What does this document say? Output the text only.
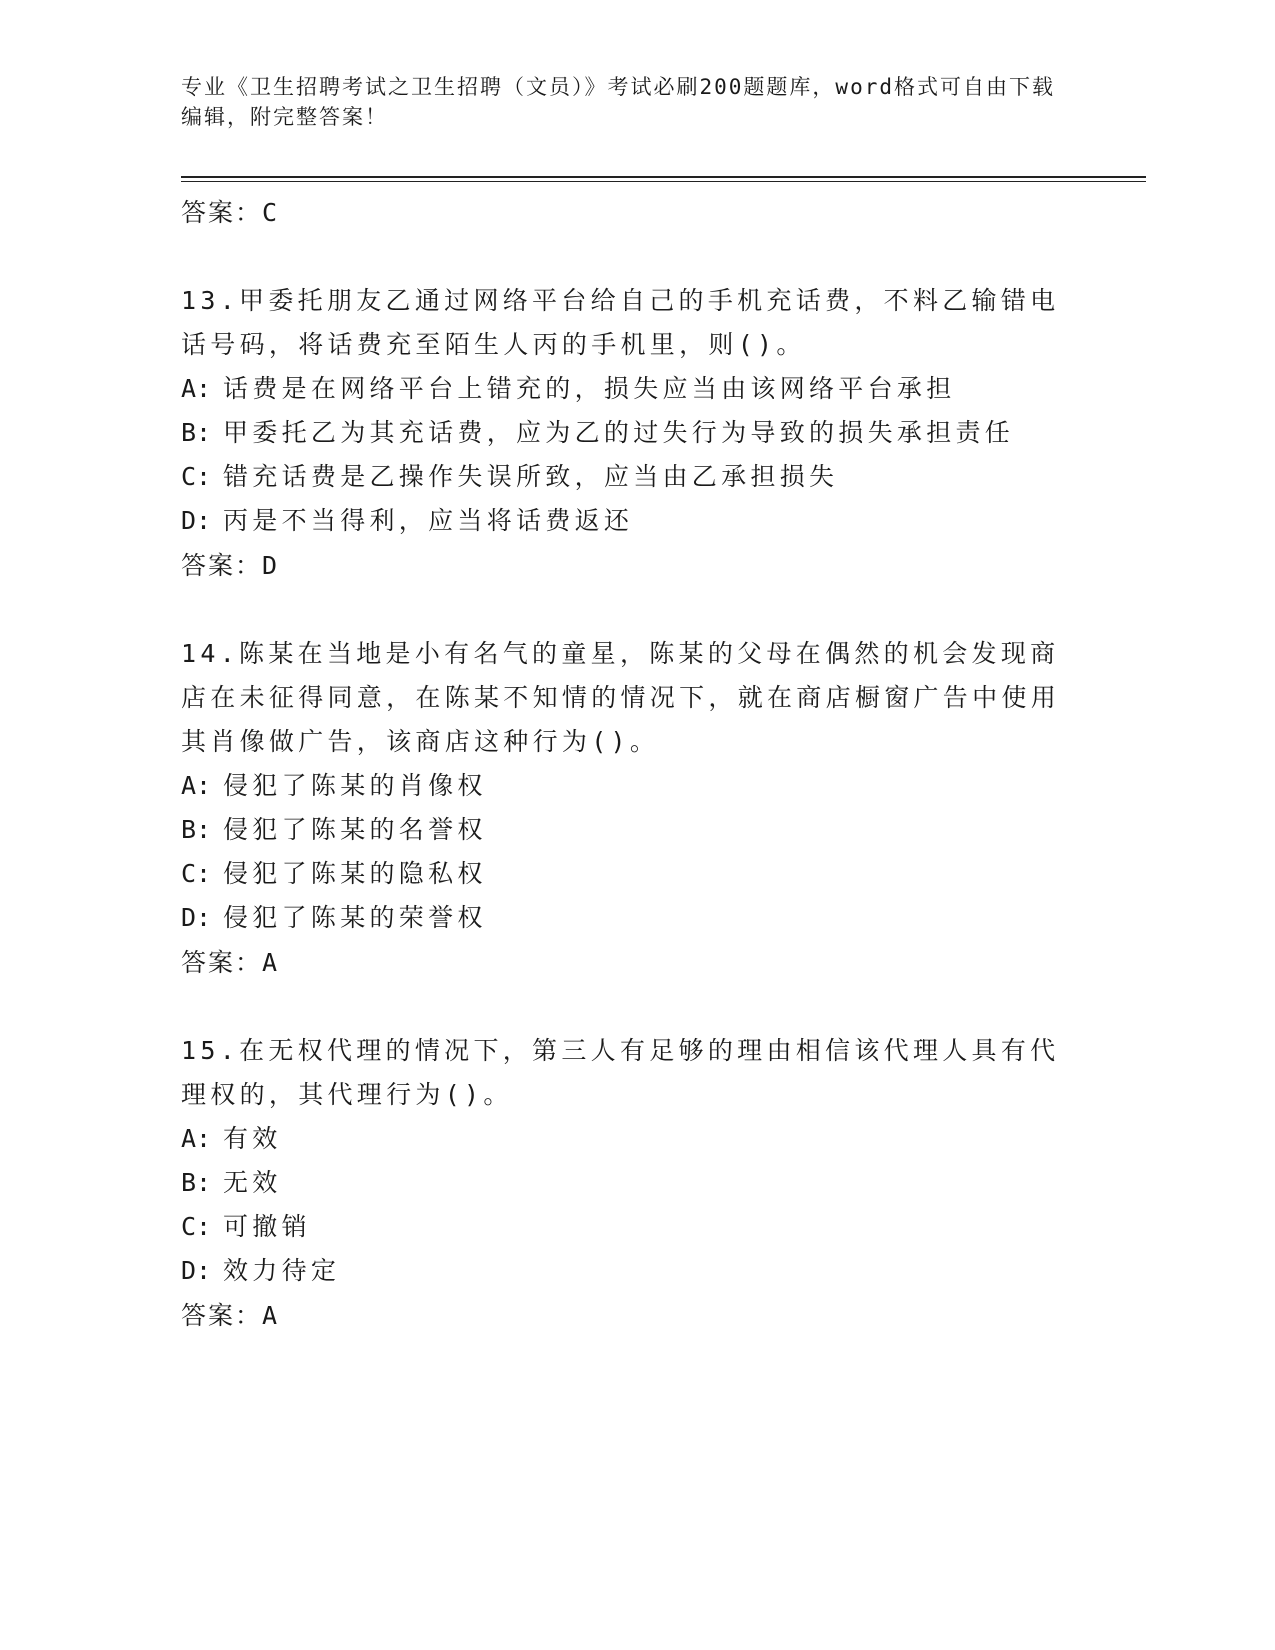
专业《卫生招聘考试之卫生招聘（文员）》考试必刷200题题库，word格式可自由下载编辑，附完整答案！
答案：C

13.甲委托朋友乙通过网络平台给自己的手机充话费，不料乙输错电话号码，将话费充至陌生人丙的手机里，则()。

A: 话费是在网络平台上错充的，损失应当由该网络平台承担
B: 甲委托乙为其充话费，应为乙的过失行为导致的损失承担责任
C: 错充话费是乙操作失误所致，应当由乙承担损失
D: 丙是不当得利，应当将话费返还
答案：D

14.陈某在当地是小有名气的童星，陈某的父母在偶然的机会发现商店在未征得同意，在陈某不知情的情况下，就在商店橱窗广告中使用其肖像做广告，该商店这种行为()。

A: 侵犯了陈某的肖像权
B: 侵犯了陈某的名誉权
C: 侵犯了陈某的隐私权
D: 侵犯了陈某的荣誉权
答案：A

15.在无权代理的情况下，第三人有足够的理由相信该代理人具有代理权的，其代理行为()。

A: 有效
B: 无效
C: 可撤销
D: 效力待定
答案：A
